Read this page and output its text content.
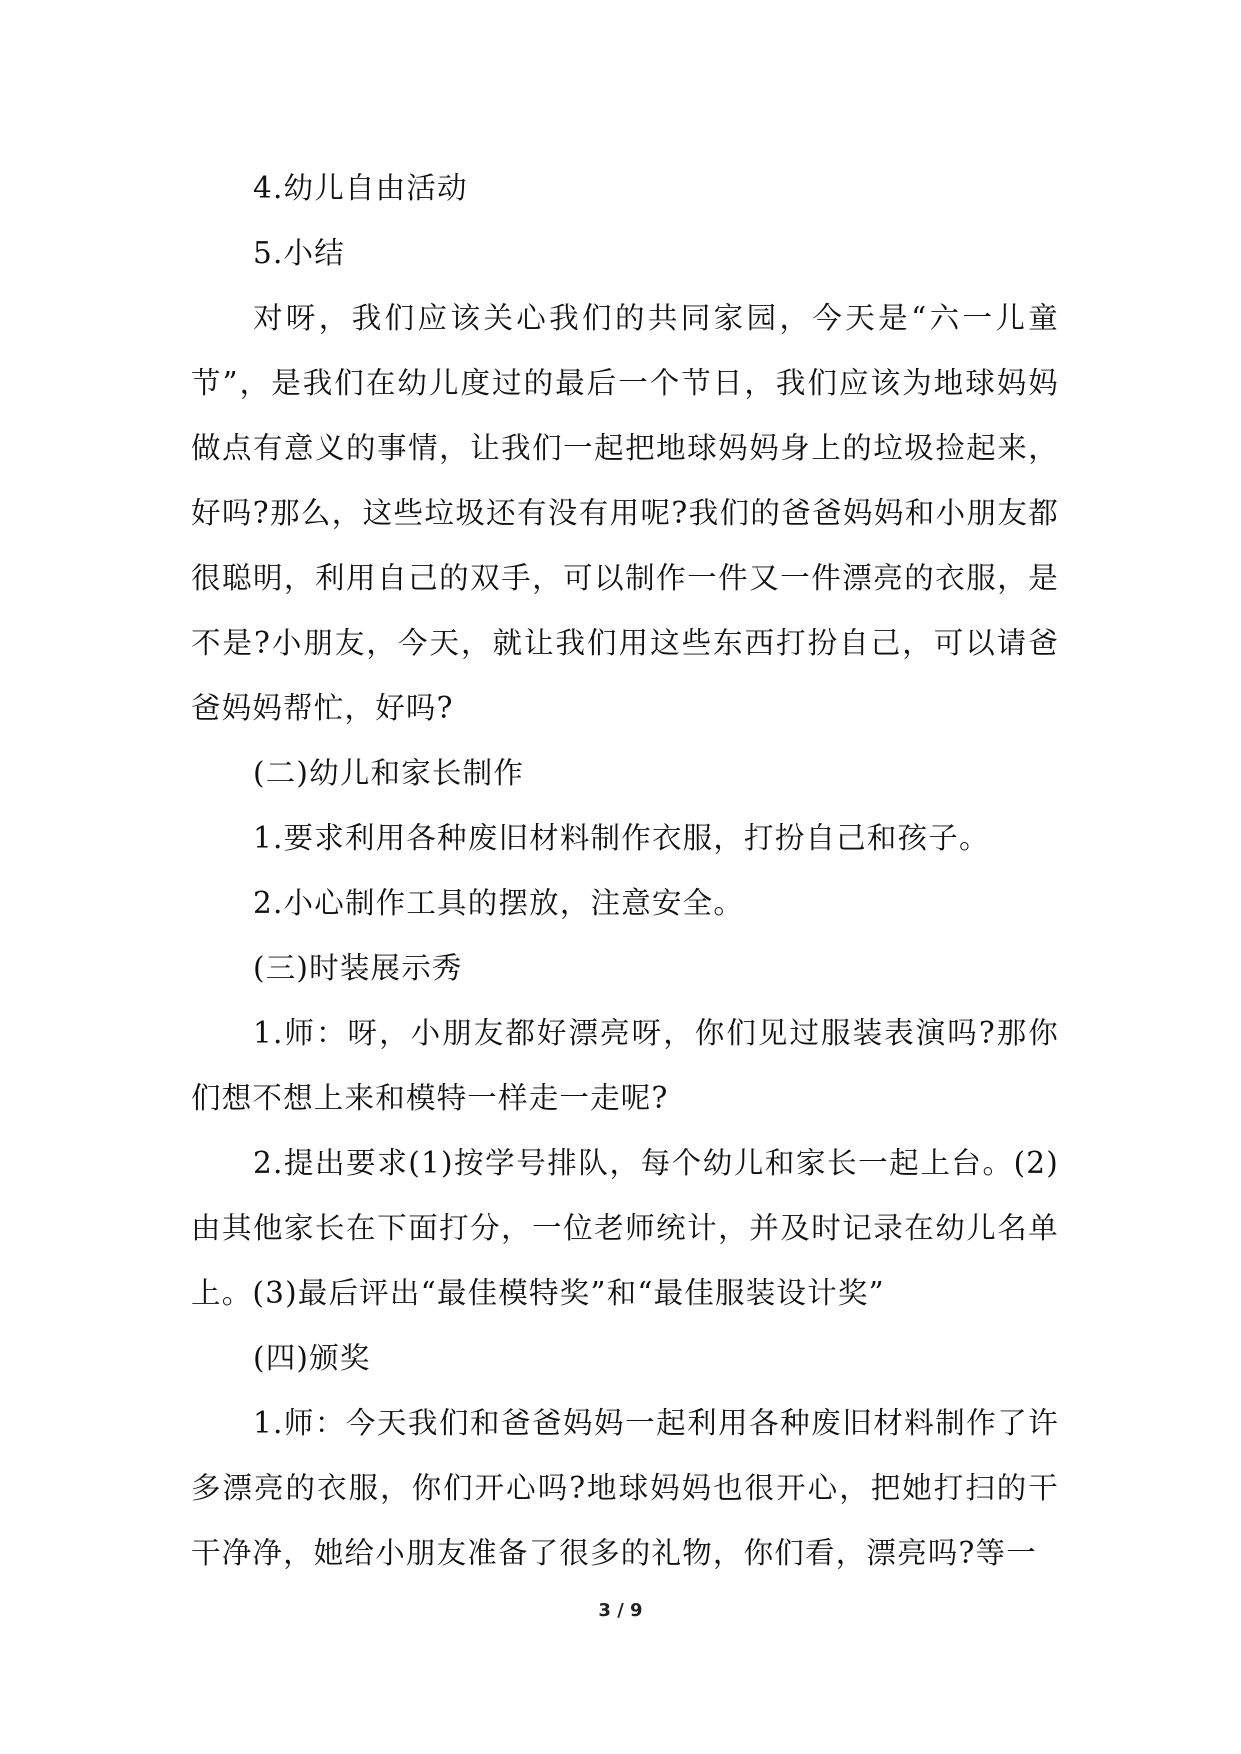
4.幼儿自由活动

5.小结

对呀，我们应该关心我们的共同家园，今天是“六一儿童节”，是我们在幼儿度过的最后一个节日，我们应该为地球妈妈做点有意义的事情，让我们一起把地球妈妈身上的垃圾捡起来，好吗?那么，这些垃圾还有没有用呢?我们的爸爸妈妈和小朋友都很聪明，利用自己的双手，可以制作一件又一件漂亮的衣服，是不是?小朋友，今天，就让我们用这些东西打扮自己，可以请爸爸妈妈帮忙，好吗?

(二)幼儿和家长制作

1.要求利用各种废旧材料制作衣服，打扮自己和孩子。

2.小心制作工具的摆放，注意安全。

(三)时装展示秀

1.师：呀，小朋友都好漂亮呀，你们见过服装表演吗?那你们想不想上来和模特一样走一走呢?

2.提出要求(1)按学号排队，每个幼儿和家长一起上台。(2)由其他家长在下面打分，一位老师统计，并及时记录在幼儿名单上。(3)最后评出“最佳模特奖”和“最佳服装设计奖”

(四)颁奖

1.师：今天我们和爸爸妈妈一起利用各种废旧材料制作了许多漂亮的衣服，你们开心吗?地球妈妈也很开心，把她打扫的干干净净，她给小朋友准备了很多的礼物，你们看，漂亮吗?等一

3 / 9
